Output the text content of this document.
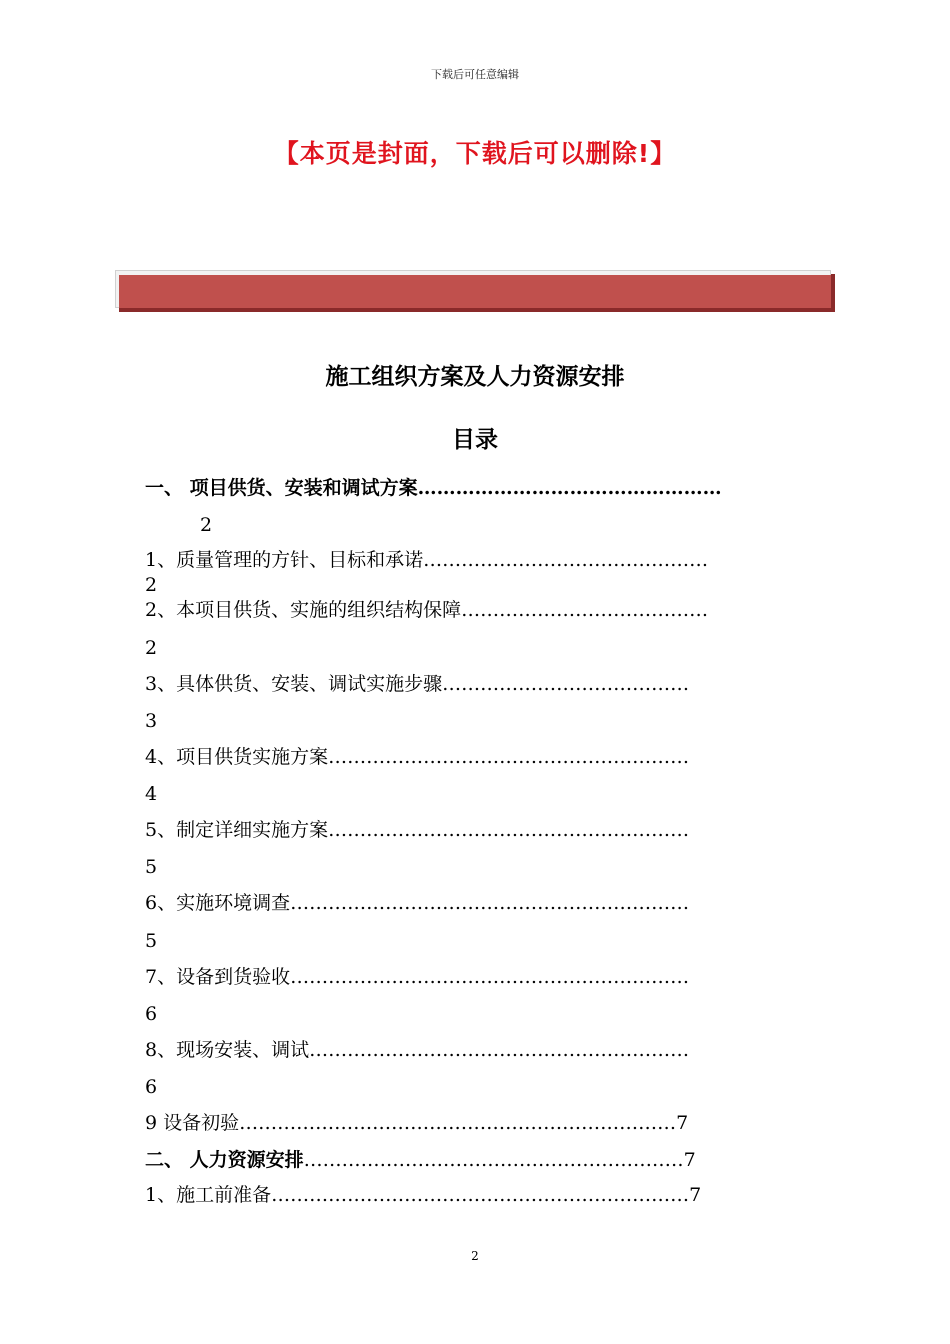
下载后可任意编辑
【本页是封面，下载后可以删除!】
施工组织方案及人力资源安排
目录
一、 项目供货、安装和调试方案…………………………………………
2
1、质量管理的方针、目标和承诺………………………………………
2
2、本项目供货、实施的组织结构保障…………………………………
2
3、具体供货、安装、调试实施步骤…………………………………
3
4、项目供货实施方案…………………………………………………
4
5、制定详细实施方案…………………………………………………
5
6、实施环境调查………………………………………………………
5
7、设备到货验收………………………………………………………
6
8、现场安装、调试……………………………………………………
6
9 设备初验……………………………………………………………7
二、 人力资源安排……………………………………………………7
1、施工前准备…………………………………………………………7
2
